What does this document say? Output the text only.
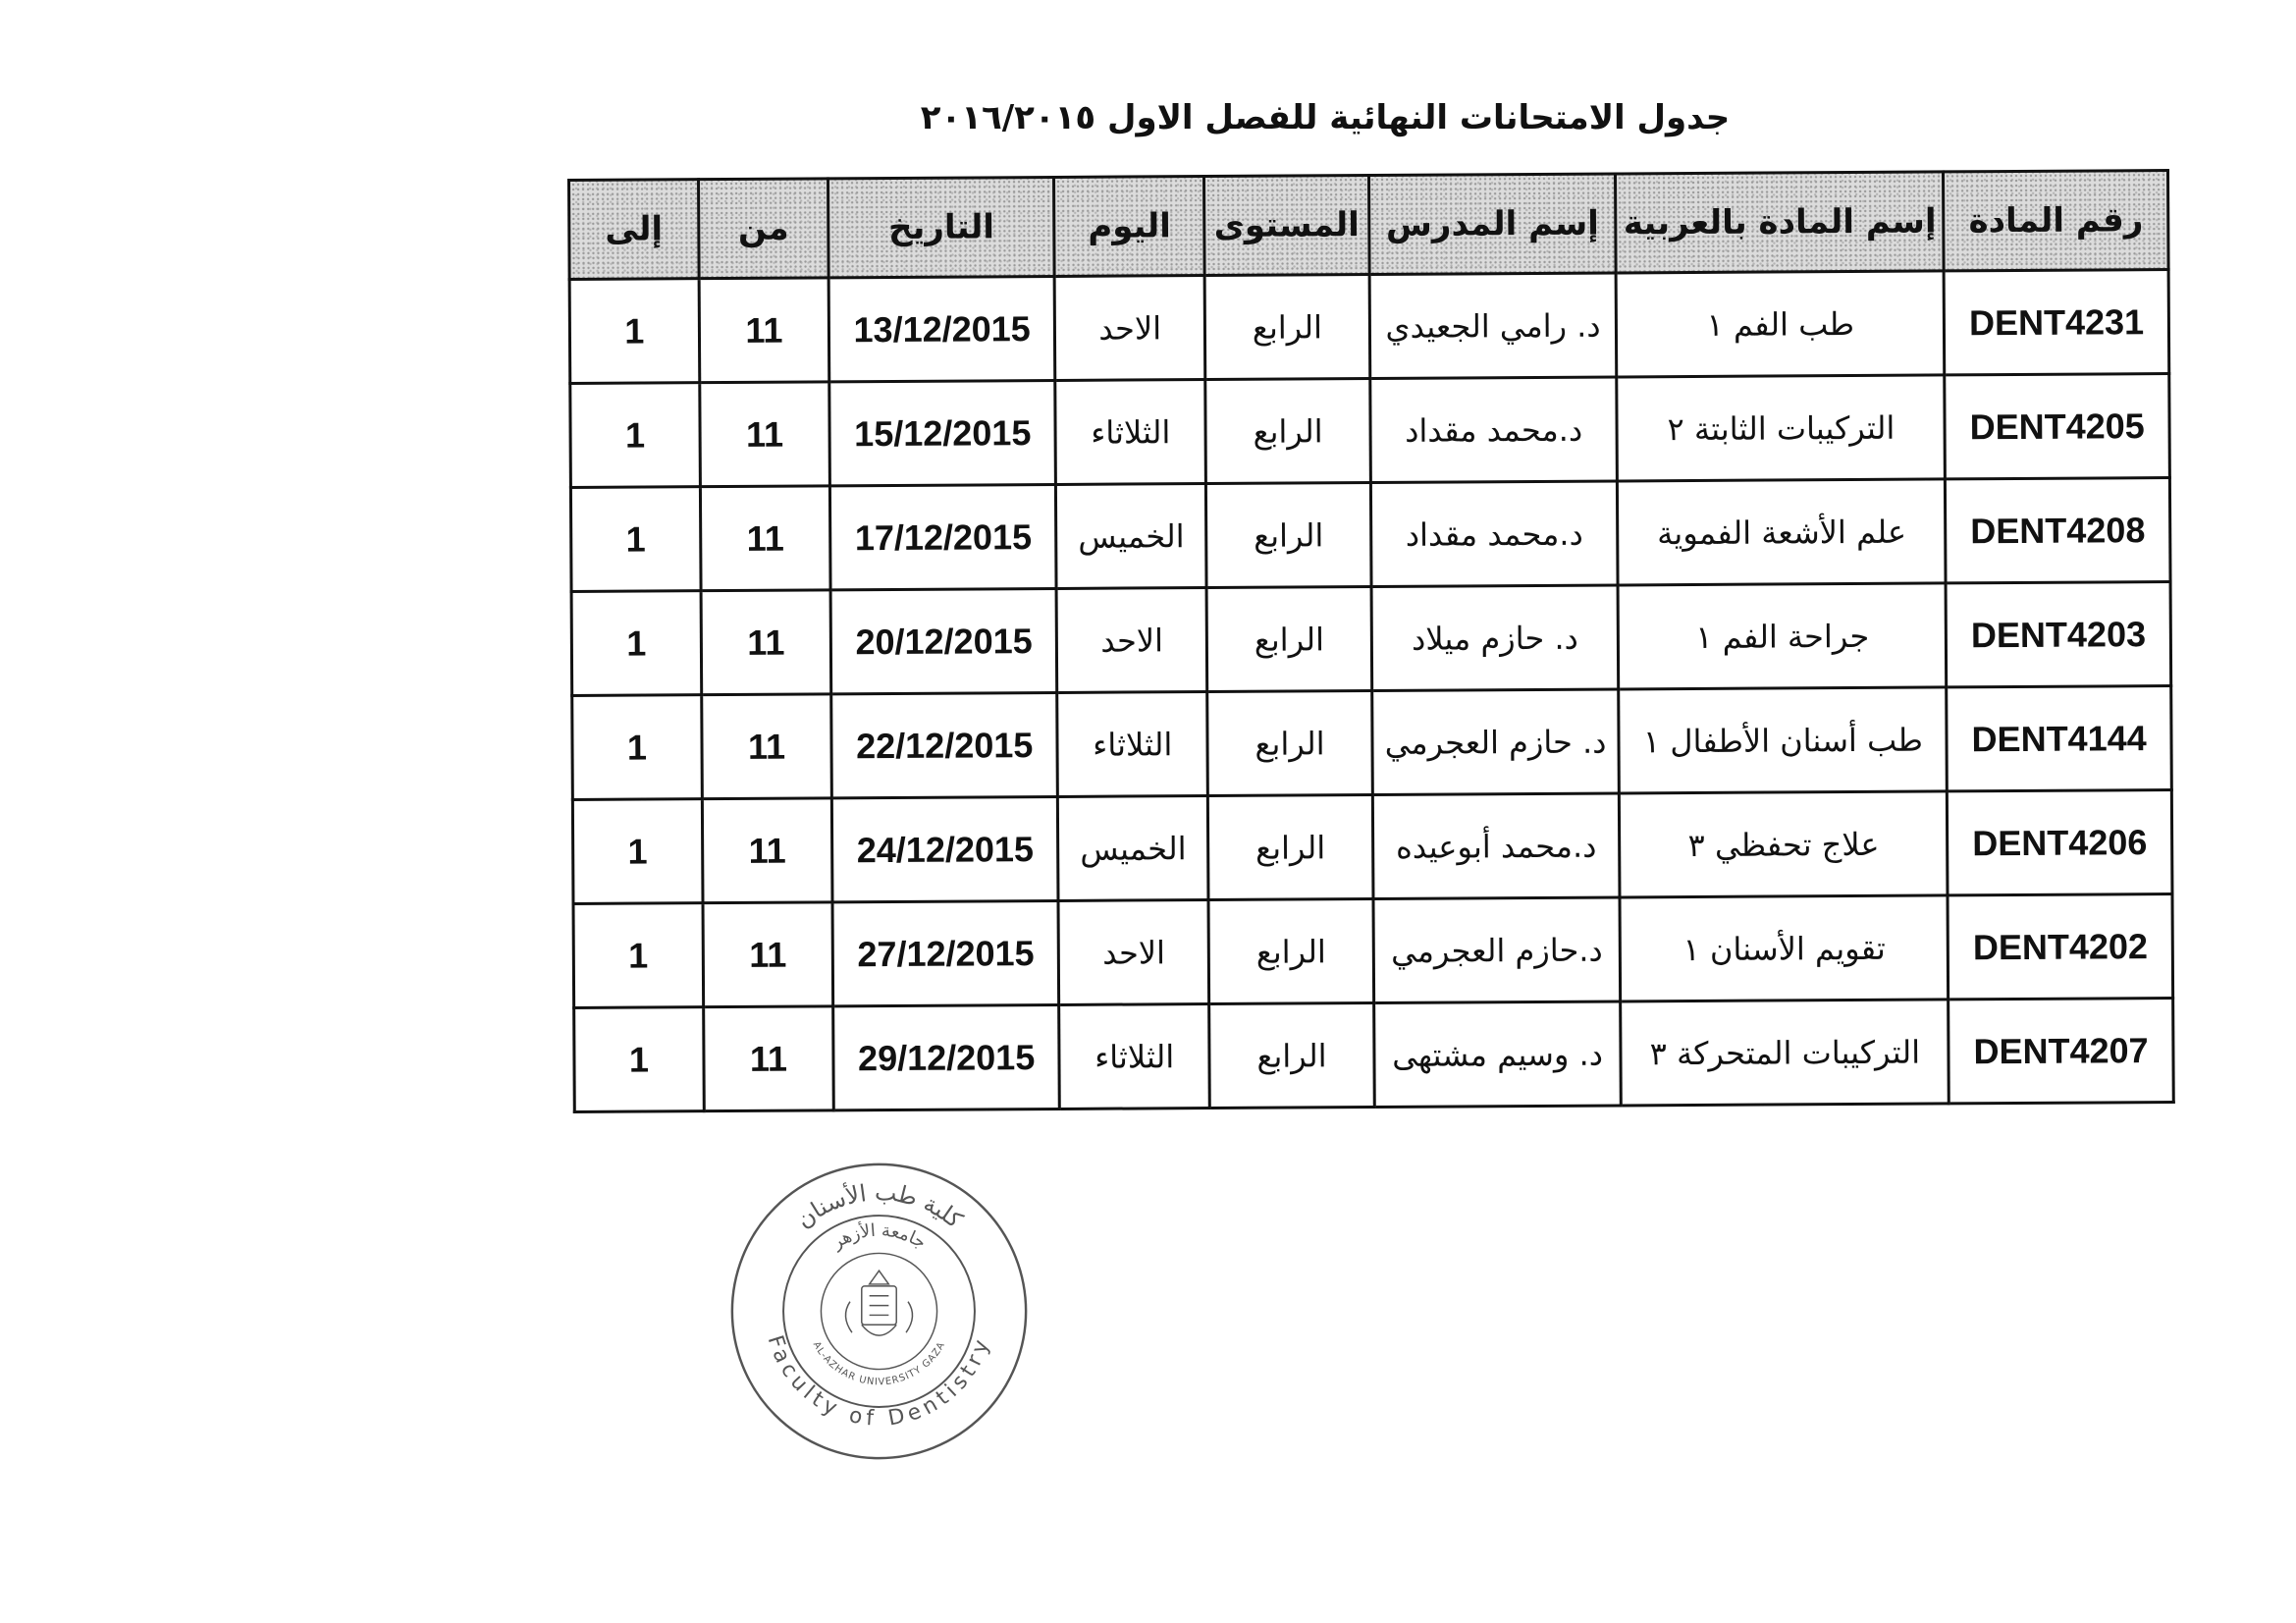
جدول الامتحانات النهائية للفصل الاول ٢٠١٦/٢٠١٥
إلى	من	التاريخ	اليوم	المستوى	إسم المدرس	إسم المادة بالعربية	رقم المادة
1	11	13/12/2015	الاحد	الرابع	د. رامي الجعيدي	طب الفم ١	DENT4231
1	11	15/12/2015	الثلاثاء	الرابع	د.محمد مقداد	التركيبات الثابتة ٢	DENT4205
1	11	17/12/2015	الخميس	الرابع	د.محمد مقداد	علم الأشعة الفموية	DENT4208
1	11	20/12/2015	الاحد	الرابع	د. حازم ميلاد	جراحة الفم ١	DENT4203
1	11	22/12/2015	الثلاثاء	الرابع	د. حازم العجرمي	طب أسنان الأطفال ١	DENT4144
1	11	24/12/2015	الخميس	الرابع	د.محمد أبوعيده	علاج تحفظي ٣	DENT4206
1	11	27/12/2015	الاحد	الرابع	د.حازم العجرمي	تقويم الأسنان ١	DENT4202
1	11	29/12/2015	الثلاثاء	الرابع	د. وسيم مشتهى	التركيبات المتحركة ٣	DENT4207
كلية طب الأسنان
Faculty of Dentistry
جامعة الأزهر
AL-AZHAR UNIVERSITY GAZA
